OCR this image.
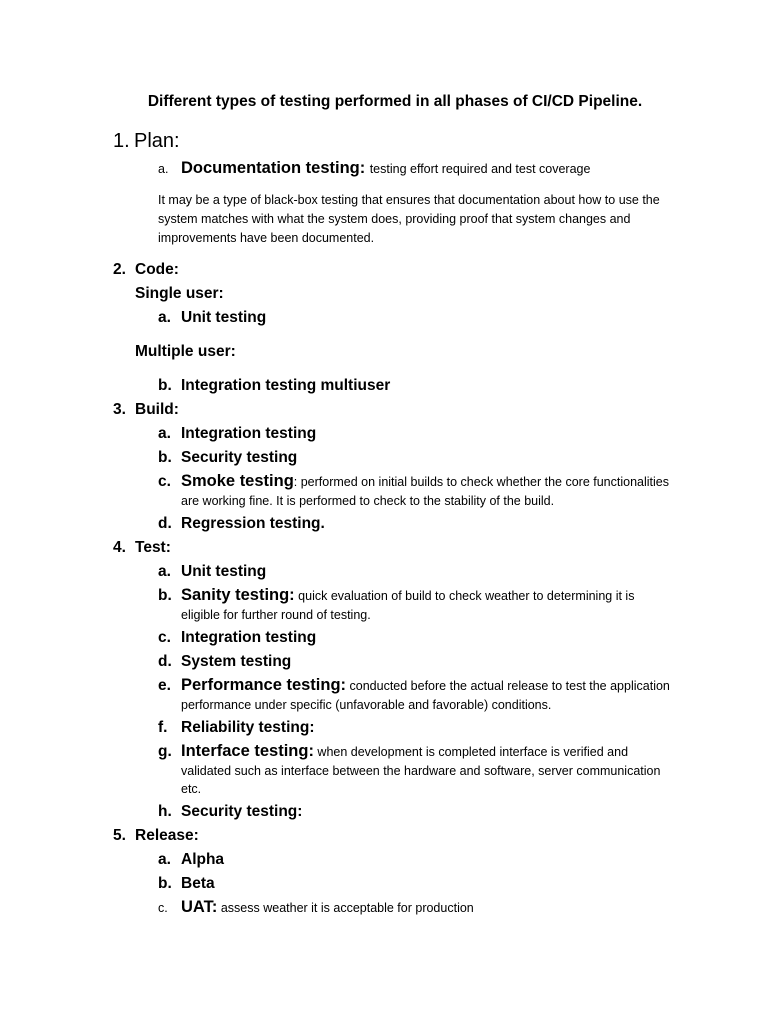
Different types of testing performed in all phases of CI/CD Pipeline.
1. Plan:
a. Documentation testing: testing effort required and test coverage
It may be a type of black-box testing that ensures that documentation about how to use the system matches with what the system does, providing proof that system changes and improvements have been documented.
2. Code:
Single user:
a. Unit testing
Multiple user:
b. Integration testing multiuser
3. Build:
a. Integration testing
b. Security testing
c. Smoke testing: performed on initial builds to check whether the core functionalities
are working fine. It is performed to check to the stability of the build.
d. Regression testing.
4. Test:
a. Unit testing
b. Sanity testing: quick evaluation of build to check weather to determining it is
eligible for further round of testing.
c. Integration testing
d. System testing
e. Performance testing: conducted before the actual release to test the application
performance under specific (unfavorable and favorable) conditions.
f. Reliability testing:
g. Interface testing: when development is completed interface is verified and
validated such as interface between the hardware and software, server communication
etc.
h. Security testing:
5. Release:
a. Alpha
b. Beta
c. UAT: assess weather it is acceptable for production
